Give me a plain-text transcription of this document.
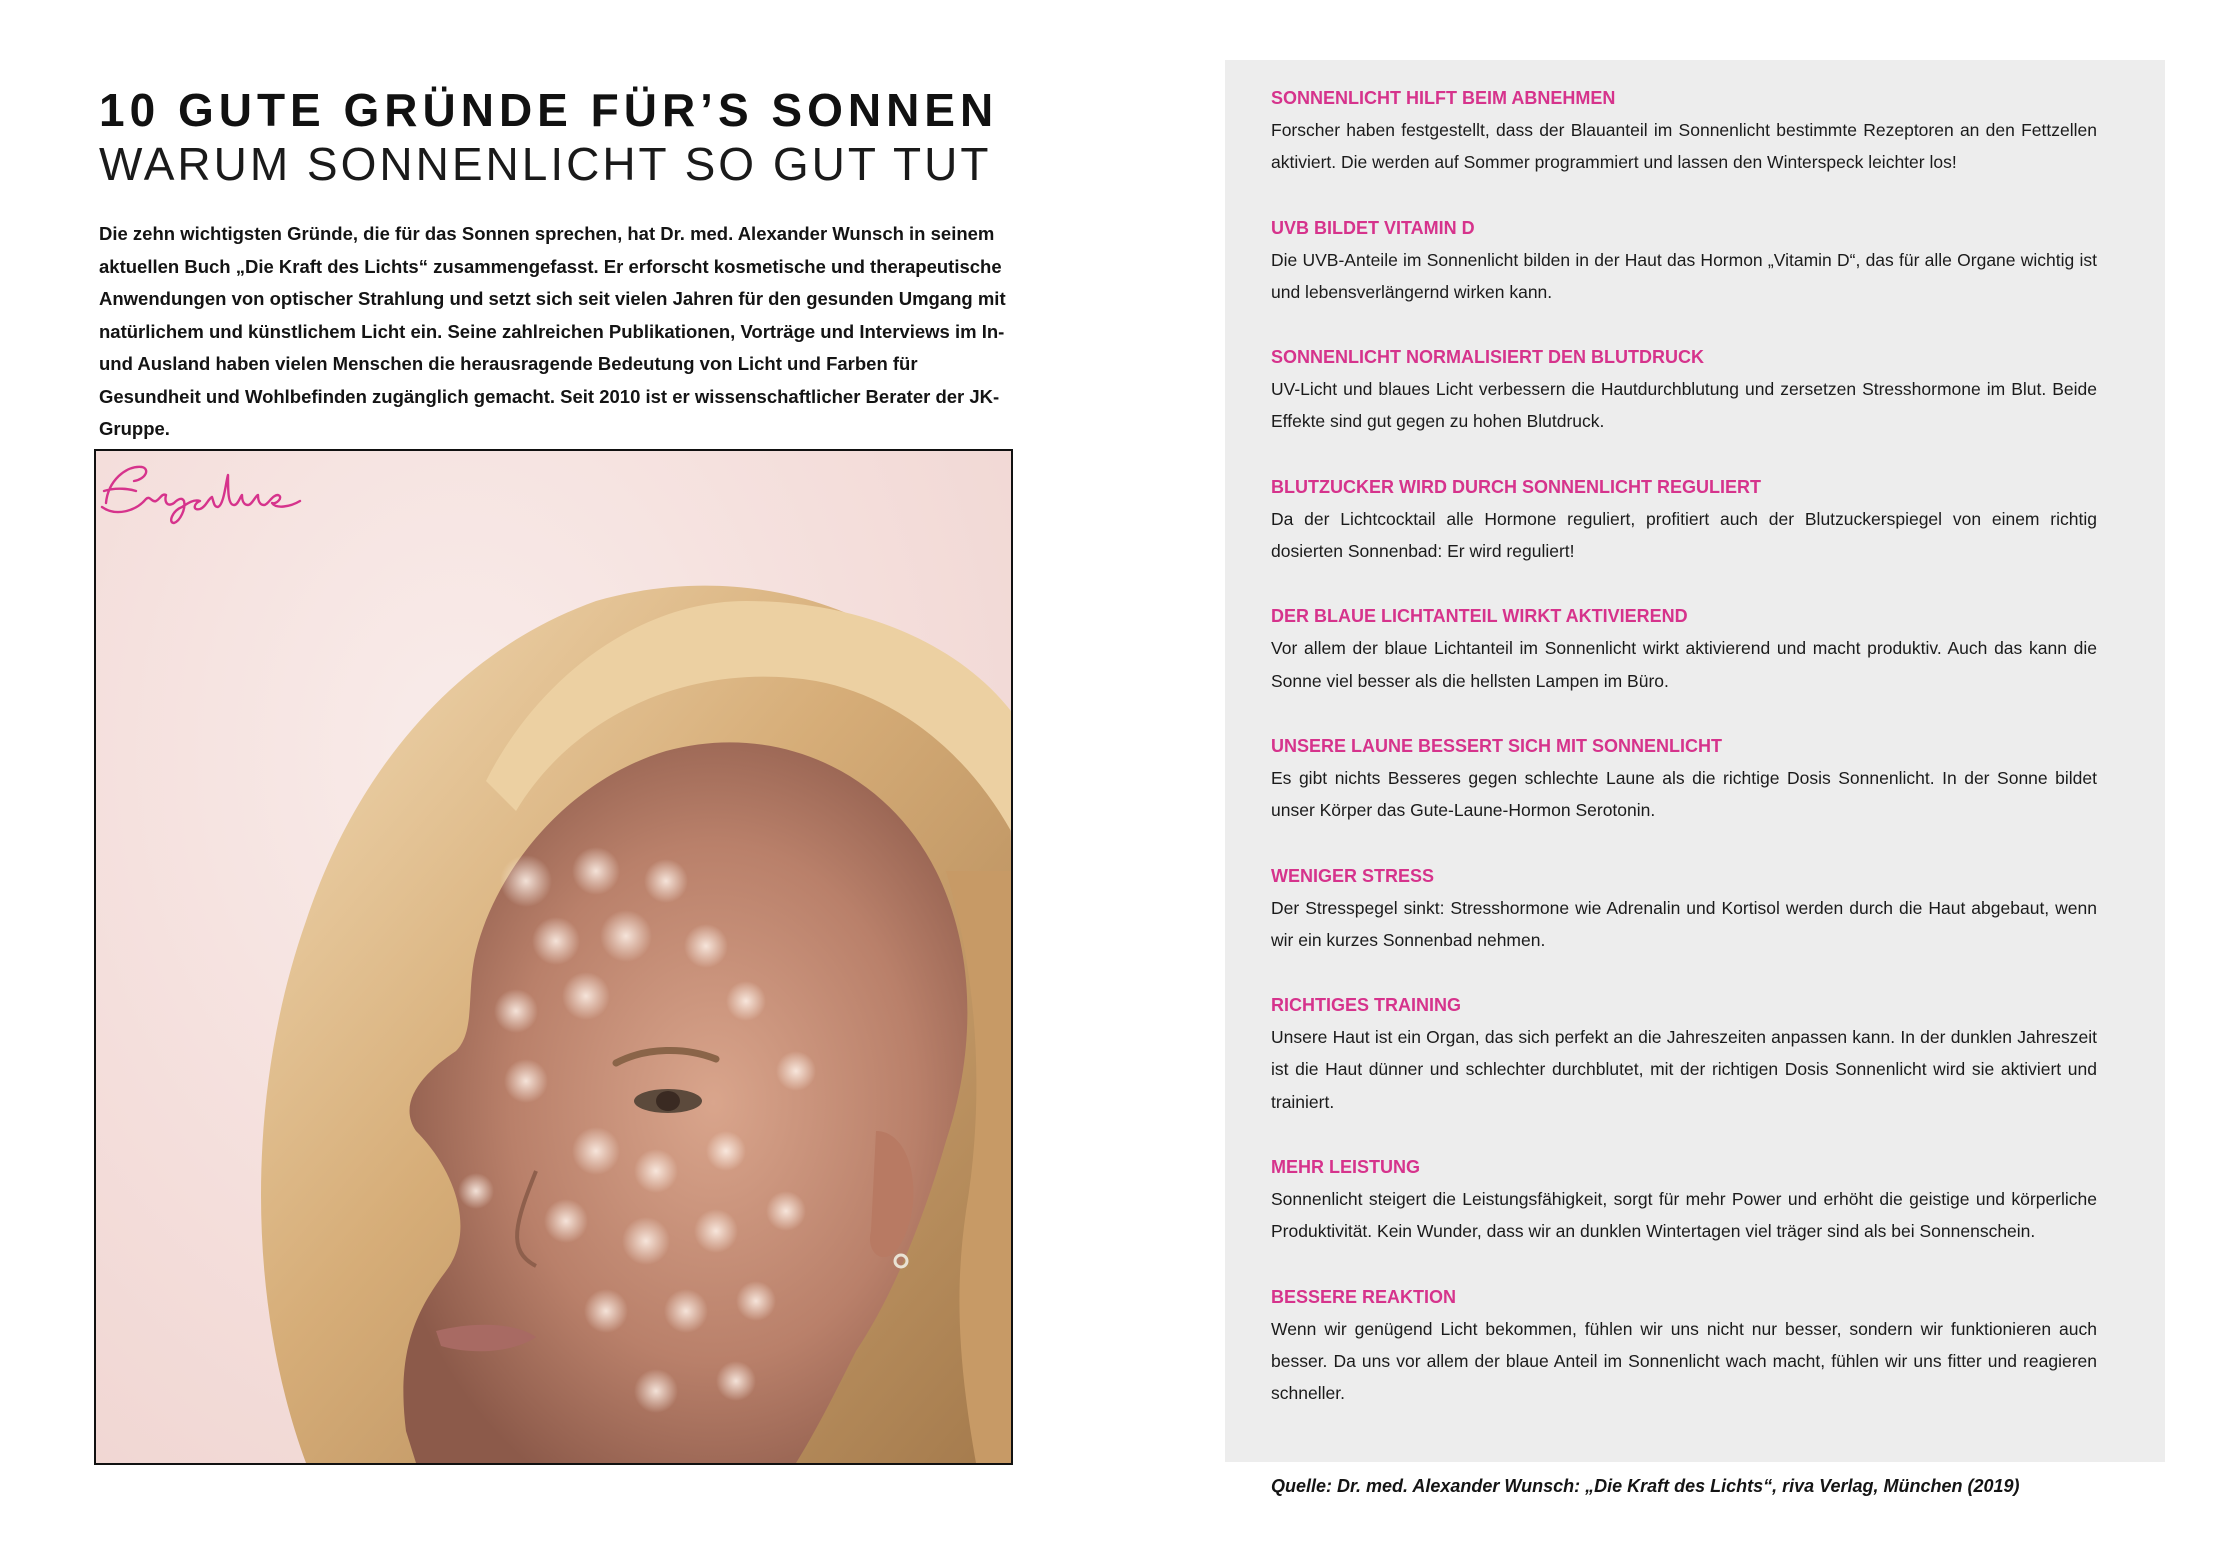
10 GUTE GRÜNDE FÜR’S SONNEN
WARUM SONNENLICHT SO GUT TUT

Die zehn wichtigsten Gründe, die für das Sonnen sprechen, hat Dr. med. Alexander Wunsch in seinem aktuellen Buch „Die Kraft des Lichts“ zusammengefasst. Er erforscht kosmetische und therapeutische Anwendungen von optischer Strahlung und setzt sich seit vielen Jahren für den gesunden Umgang mit natürlichem und künstlichem Licht ein. Seine zahlreichen Publikationen, Vorträge und Interviews im In- und Ausland haben vielen Menschen die herausragende Bedeutung von Licht und Farben für Gesundheit und Wohlbefinden zugänglich gemacht. Seit 2010 ist er wissenschaftlicher Berater der JK-Gruppe.

SONNENLICHT HILFT BEIM ABNEHMEN

Forscher haben festgestellt, dass der Blauanteil im Sonnenlicht bestimmte Rezeptoren an den Fettzellen aktiviert. Die werden auf Sommer programmiert und lassen den Winterspeck leichter los!

UVB BILDET VITAMIN D

Die UVB-Anteile im Sonnenlicht bilden in der Haut das Hormon „Vitamin D“, das für alle Organe wichtig ist und lebensverlängernd wirken kann.

SONNENLICHT NORMALISIERT DEN BLUTDRUCK

UV-Licht und blaues Licht verbessern die Hautdurchblutung und zersetzen Stresshormone im Blut. Beide Effekte sind gut gegen zu hohen Blutdruck.

BLUTZUCKER WIRD DURCH SONNENLICHT REGULIERT

Da der Lichtcocktail alle Hormone reguliert, profitiert auch der Blutzuckerspiegel von einem richtig dosierten Sonnenbad: Er wird reguliert!

DER BLAUE LICHTANTEIL WIRKT AKTIVIEREND

Vor allem der blaue Lichtanteil im Sonnenlicht wirkt aktivierend und macht produktiv. Auch das kann die Sonne viel besser als die hellsten Lampen im Büro.

UNSERE LAUNE BESSERT SICH MIT SONNENLICHT

Es gibt nichts Besseres gegen schlechte Laune als die richtige Dosis Sonnenlicht. In der Sonne bildet unser Körper das Gute-Laune-Hormon Serotonin.

WENIGER STRESS

Der Stresspegel sinkt: Stresshormone wie Adrenalin und Kortisol werden durch die Haut abgebaut, wenn wir ein kurzes Sonnenbad nehmen.

RICHTIGES TRAINING

Unsere Haut ist ein Organ, das sich perfekt an die Jahreszeiten anpassen kann. In der dunklen Jahreszeit ist die Haut dünner und schlechter durchblutet, mit der richtigen Dosis Sonnenlicht wird sie aktiviert und trainiert.

MEHR LEISTUNG

Sonnenlicht steigert die Leistungsfähigkeit, sorgt für mehr Power und erhöht die geistige und körperliche Produktivität. Kein Wunder, dass wir an dunklen Wintertagen viel träger sind als bei Sonnenschein.

BESSERE REAKTION

Wenn wir genügend Licht bekommen, fühlen wir uns nicht nur besser, sondern wir funktionieren auch besser. Da uns vor allem der blaue Anteil im Sonnenlicht wach macht, fühlen wir uns fitter und reagieren schneller.

Quelle: Dr. med. Alexander Wunsch: „Die Kraft des Lichts“, riva Verlag, München (2019)
